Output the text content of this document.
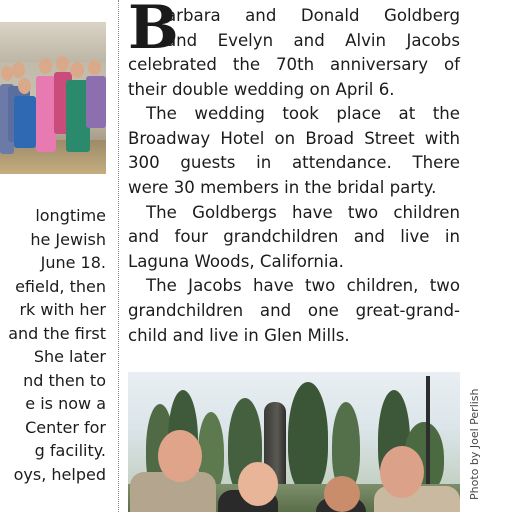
longtime
he Jewish
June 18.
efield, then
rk with her
and the first
She later
nd then to
e is now a
Center for
g facility.
oys, helped
B
arbara and Donald Goldberg
and Evelyn and Alvin Jacobs
celebrated the 70th anniversary of
their double wedding on April 6.
The wedding took place at the
Broadway Hotel on Broad Street with
300 guests in attendance. There
were 30 members in the bridal party.
The Goldbergs have two children
and four grandchildren and live in
Laguna Woods, California.
The Jacobs have two children, two
grandchildren and one great-grand-
child and live in Glen Mills.
Photo by Joel Perlish
